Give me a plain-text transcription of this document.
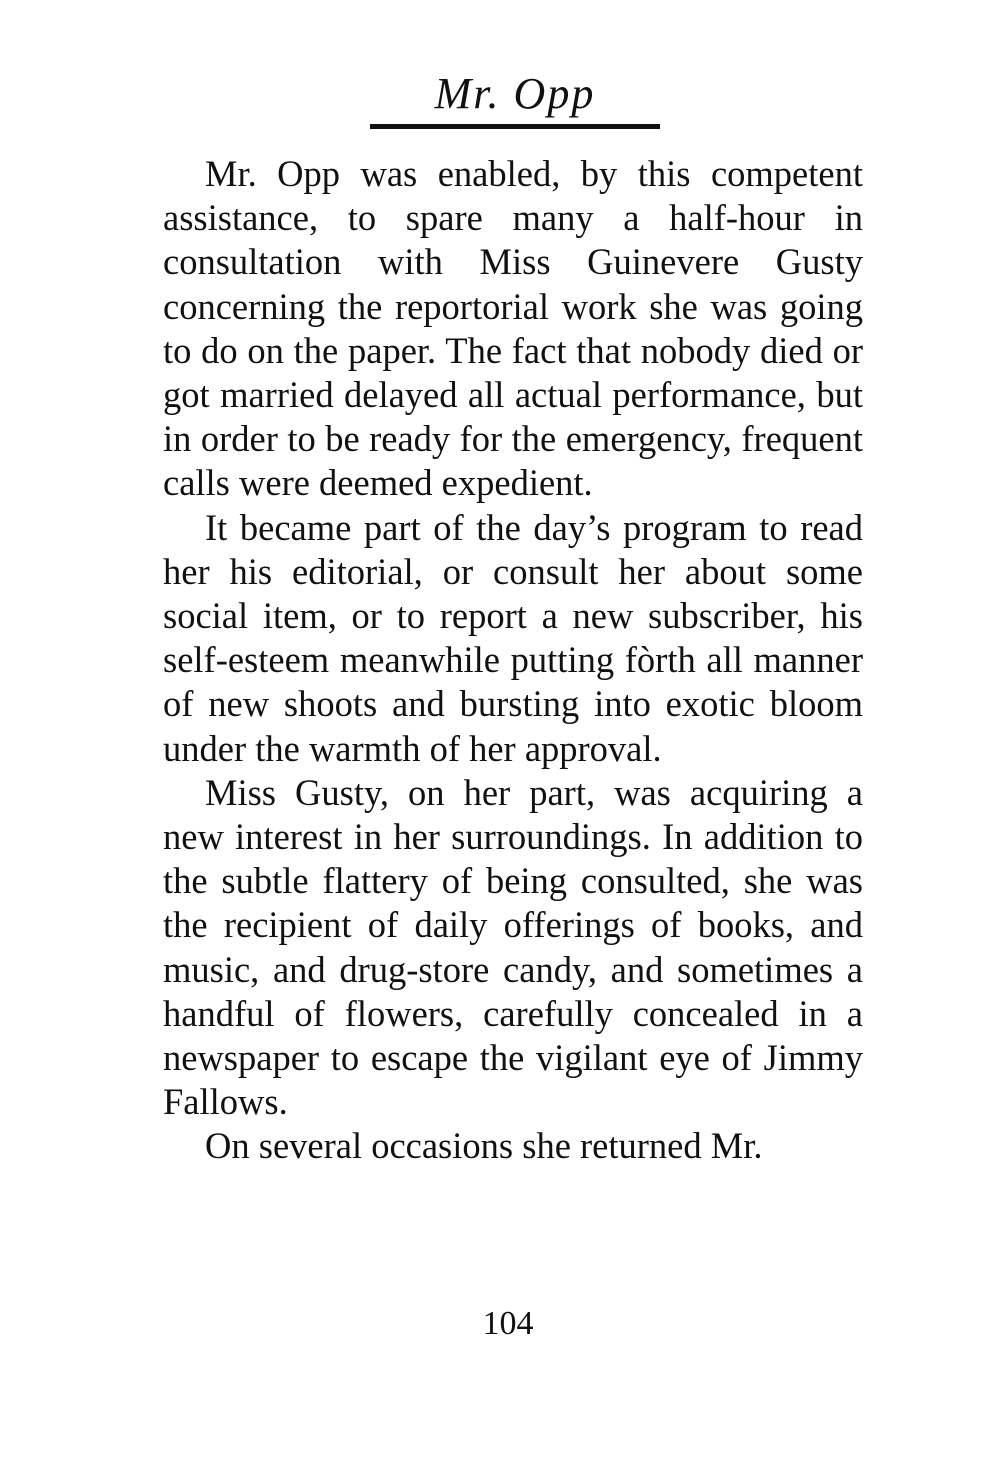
Mr. Opp

Mr. Opp was enabled, by this competent assistance, to spare many a half-hour in consultation with Miss Guinevere Gusty concerning the reportorial work she was going to do on the paper. The fact that nobody died or got married delayed all actual performance, but in order to be ready for the emergency, frequent calls were deemed expedient.

It became part of the day’s program to read her his editorial, or consult her about some social item, or to report a new subscriber, his self-esteem meanwhile putting fòrth all manner of new shoots and bursting into exotic bloom under the warmth of her approval.

Miss Gusty, on her part, was acquiring a new interest in her surroundings. In addition to the subtle flattery of being consulted, she was the recipient of daily offerings of books, and music, and drug-store candy, and sometimes a handful of flowers, carefully concealed in a newspaper to escape the vigilant eye of Jimmy Fallows.

On several occasions she returned Mr.

104
